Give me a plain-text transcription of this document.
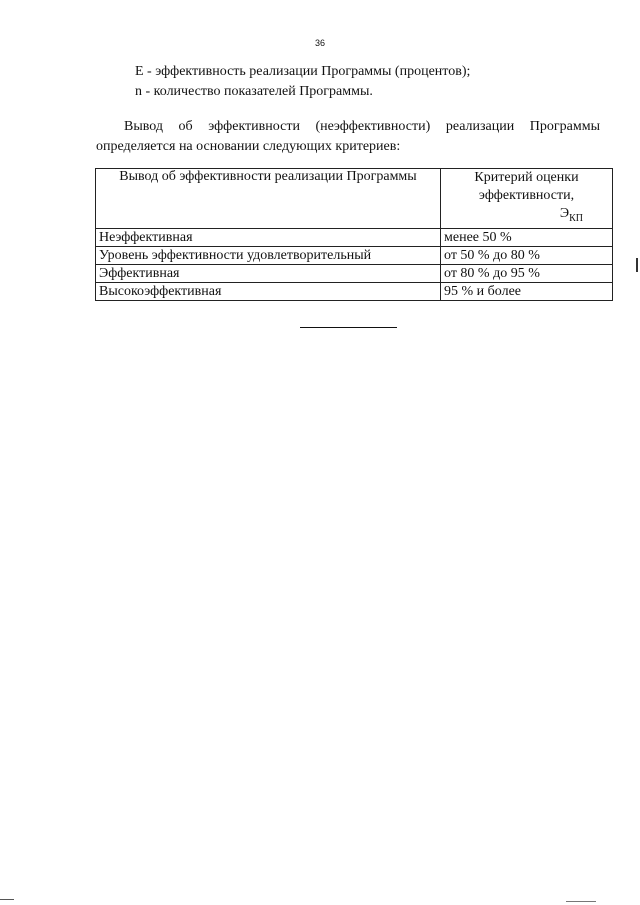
36
Е - эффективность реализации Программы (процентов);
n - количество показателей Программы.
Вывод об эффективности (неэффективности) реализации Программы
определяется на основании следующих критериев:
Вывод об эффективности реализации Программы	Критерий оценки эффективности,
$Э_{КП}$

Неэффективная	менее 50 %
Уровень эффективности удовлетворительный	от 50 % до 80 %
Эффективная	от 80 % до 95 %
Высокоэффективная	95 % и более
